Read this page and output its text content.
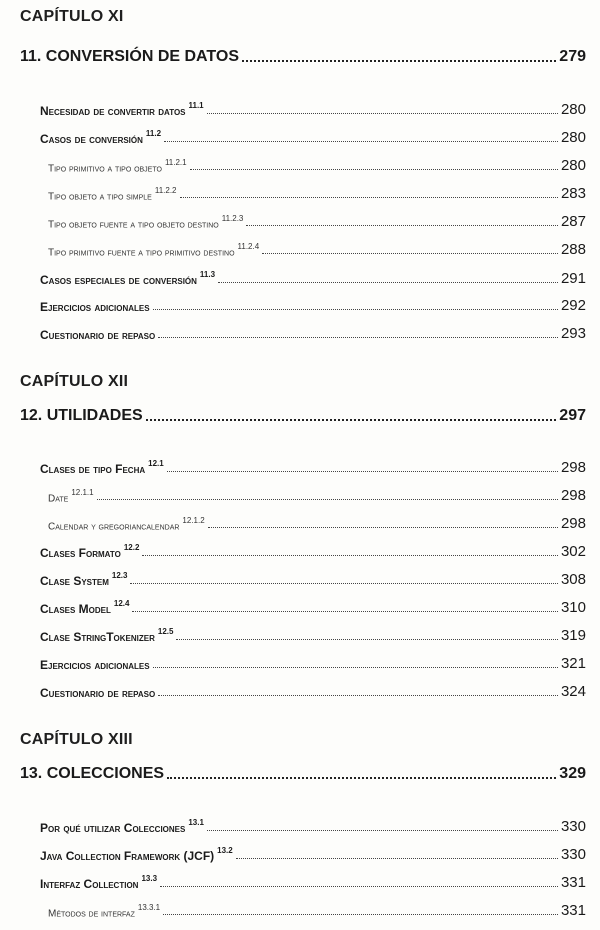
CAPÍTULO XI
11. CONVERSIÓN DE DATOS	279
Necesidad de convertir datos $^{11.1}$	280
Casos de conversión $^{11.2}$	280
Tipo primitivo a tipo objeto$^{11.2.1}$	280
Tipo objeto a tipo simple$^{11.2.2}$	283
Tipo objeto fuente a tipo objeto destino$^{11.2.3}$	287
Tipo primitivo fuente a tipo primitivo destino$^{11.2.4}$	288
Casos especiales de conversión $^{11.3}$	291
Ejercicios adicionales	292
Cuestionario de repaso	293
CAPÍTULO XII
12. UTILIDADES	297
Clases de tipo Fecha $^{12.1}$	298
Date$^{12.1.1}$	298
Calendar y gregoriancalendar$^{12.1.2}$	298
Clases Formato $^{12.2}$	302
Clase System $^{12.3}$	308
Clases Model $^{12.4}$	310
Clase StringTokenizer $^{12.5}$	319
Ejercicios adicionales	321
Cuestionario de repaso	324
CAPÍTULO XIII
13. COLECCIONES	329
Por qué utilizar Colecciones $^{13.1}$	330
Java Collection Framework (JCF) $^{13.2}$	330
Interfaz Collection $^{13.3}$	331
Métodos de interfaz$^{13.3.1}$	331
